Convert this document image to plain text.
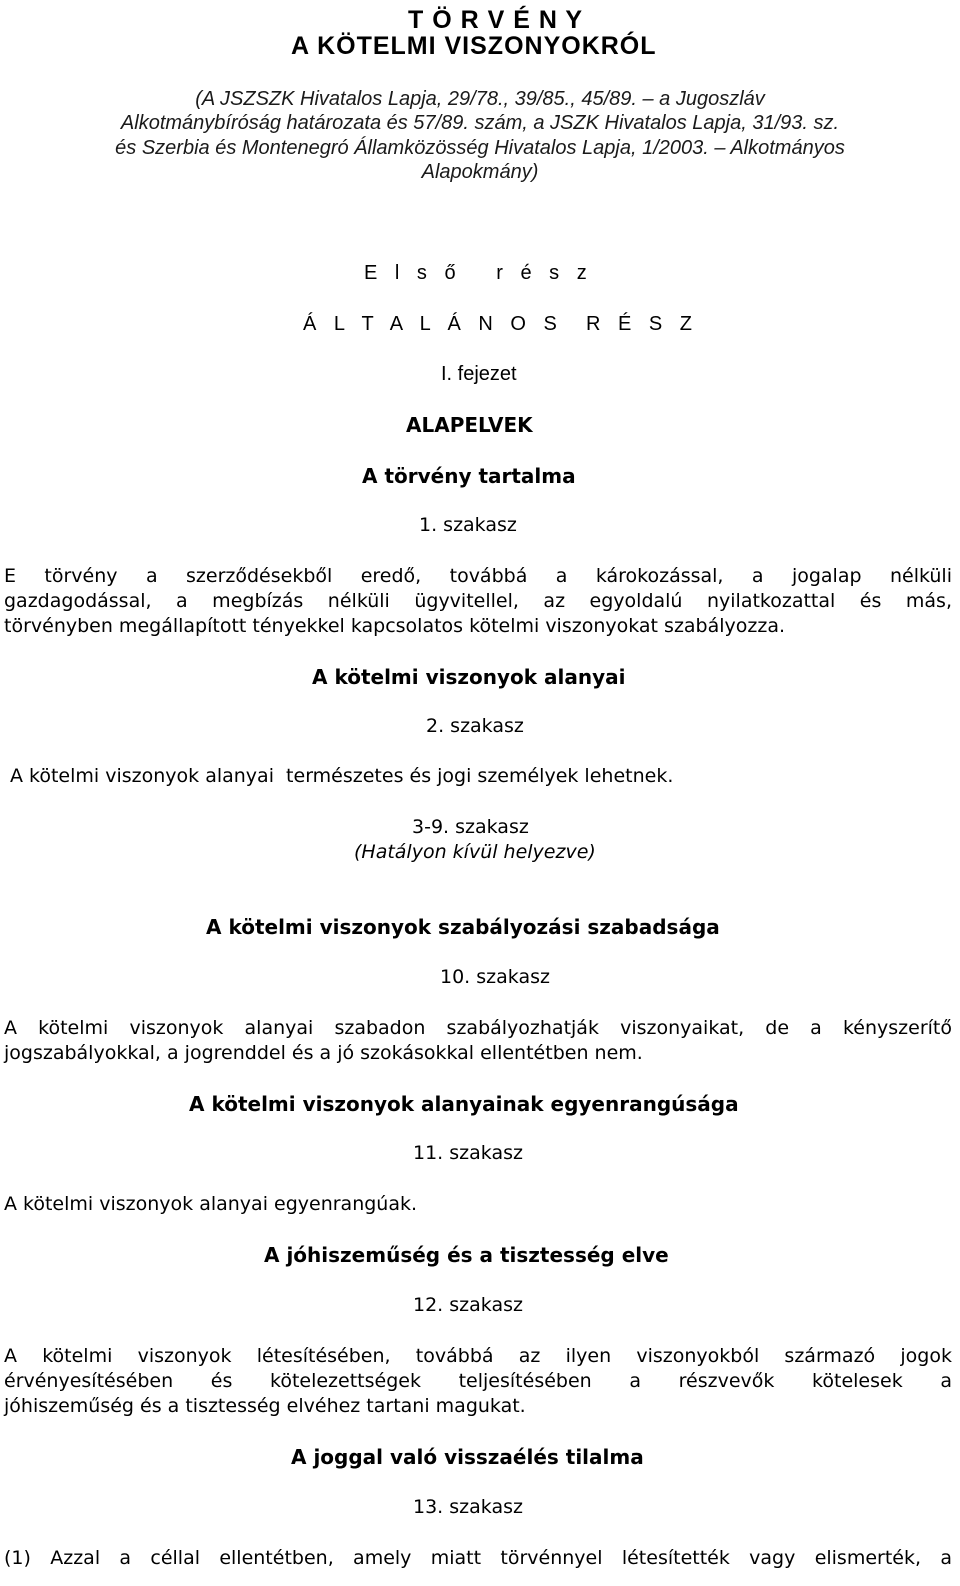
T Ö R V É N Y
A KÖTELMI VISZONYOKRÓL
(A JSZSZK Hivatalos Lapja, 29/78., 39/85., 45/89. – a Jugoszláv
Alkotmánybíróság határozata és 57/89. szám, a JSZK Hivatalos Lapja, 31/93. sz.
és Szerbia és Montenegró Államközösség Hivatalos Lapja, 1/2003. – Alkotmányos
Alapokmány)
E l s ő   r é s z
Á L T A L Á N O S  R É S Z
I. fejezet
ALAPELVEK
A törvény tartalma
1. szakasz
E törvény a szerződésekből eredő, továbbá a károkozással, a jogalap nélküli
gazdagodással, a megbízás nélküli ügyvitellel, az egyoldalú nyilatkozattal és más,
törvényben megállapított tényekkel kapcsolatos kötelmi viszonyokat szabályozza.
A kötelmi viszonyok alanyai
2. szakasz
A kötelmi viszonyok alanyai  természetes és jogi személyek lehetnek.
3-9. szakasz
(Hatályon kívül helyezve)
A kötelmi viszonyok szabályozási szabadsága
10. szakasz
A kötelmi viszonyok alanyai szabadon szabályozhatják viszonyaikat, de a kényszerítő
jogszabályokkal, a jogrenddel és a jó szokásokkal ellentétben nem.
A kötelmi viszonyok alanyainak egyenrangúsága
11. szakasz
A kötelmi viszonyok alanyai egyenrangúak.
A jóhiszeműség és a tisztesség elve
12. szakasz
A kötelmi viszonyok létesítésében, továbbá az ilyen viszonyokból származó jogok
érvényesítésében és kötelezettségek teljesítésében a részvevők kötelesek a
jóhiszeműség és a tisztesség elvéhez tartani magukat.
A joggal való visszaélés tilalma
13. szakasz
(1) Azzal a céllal ellentétben, amely miatt törvénnyel létesítették vagy elismerték, a
